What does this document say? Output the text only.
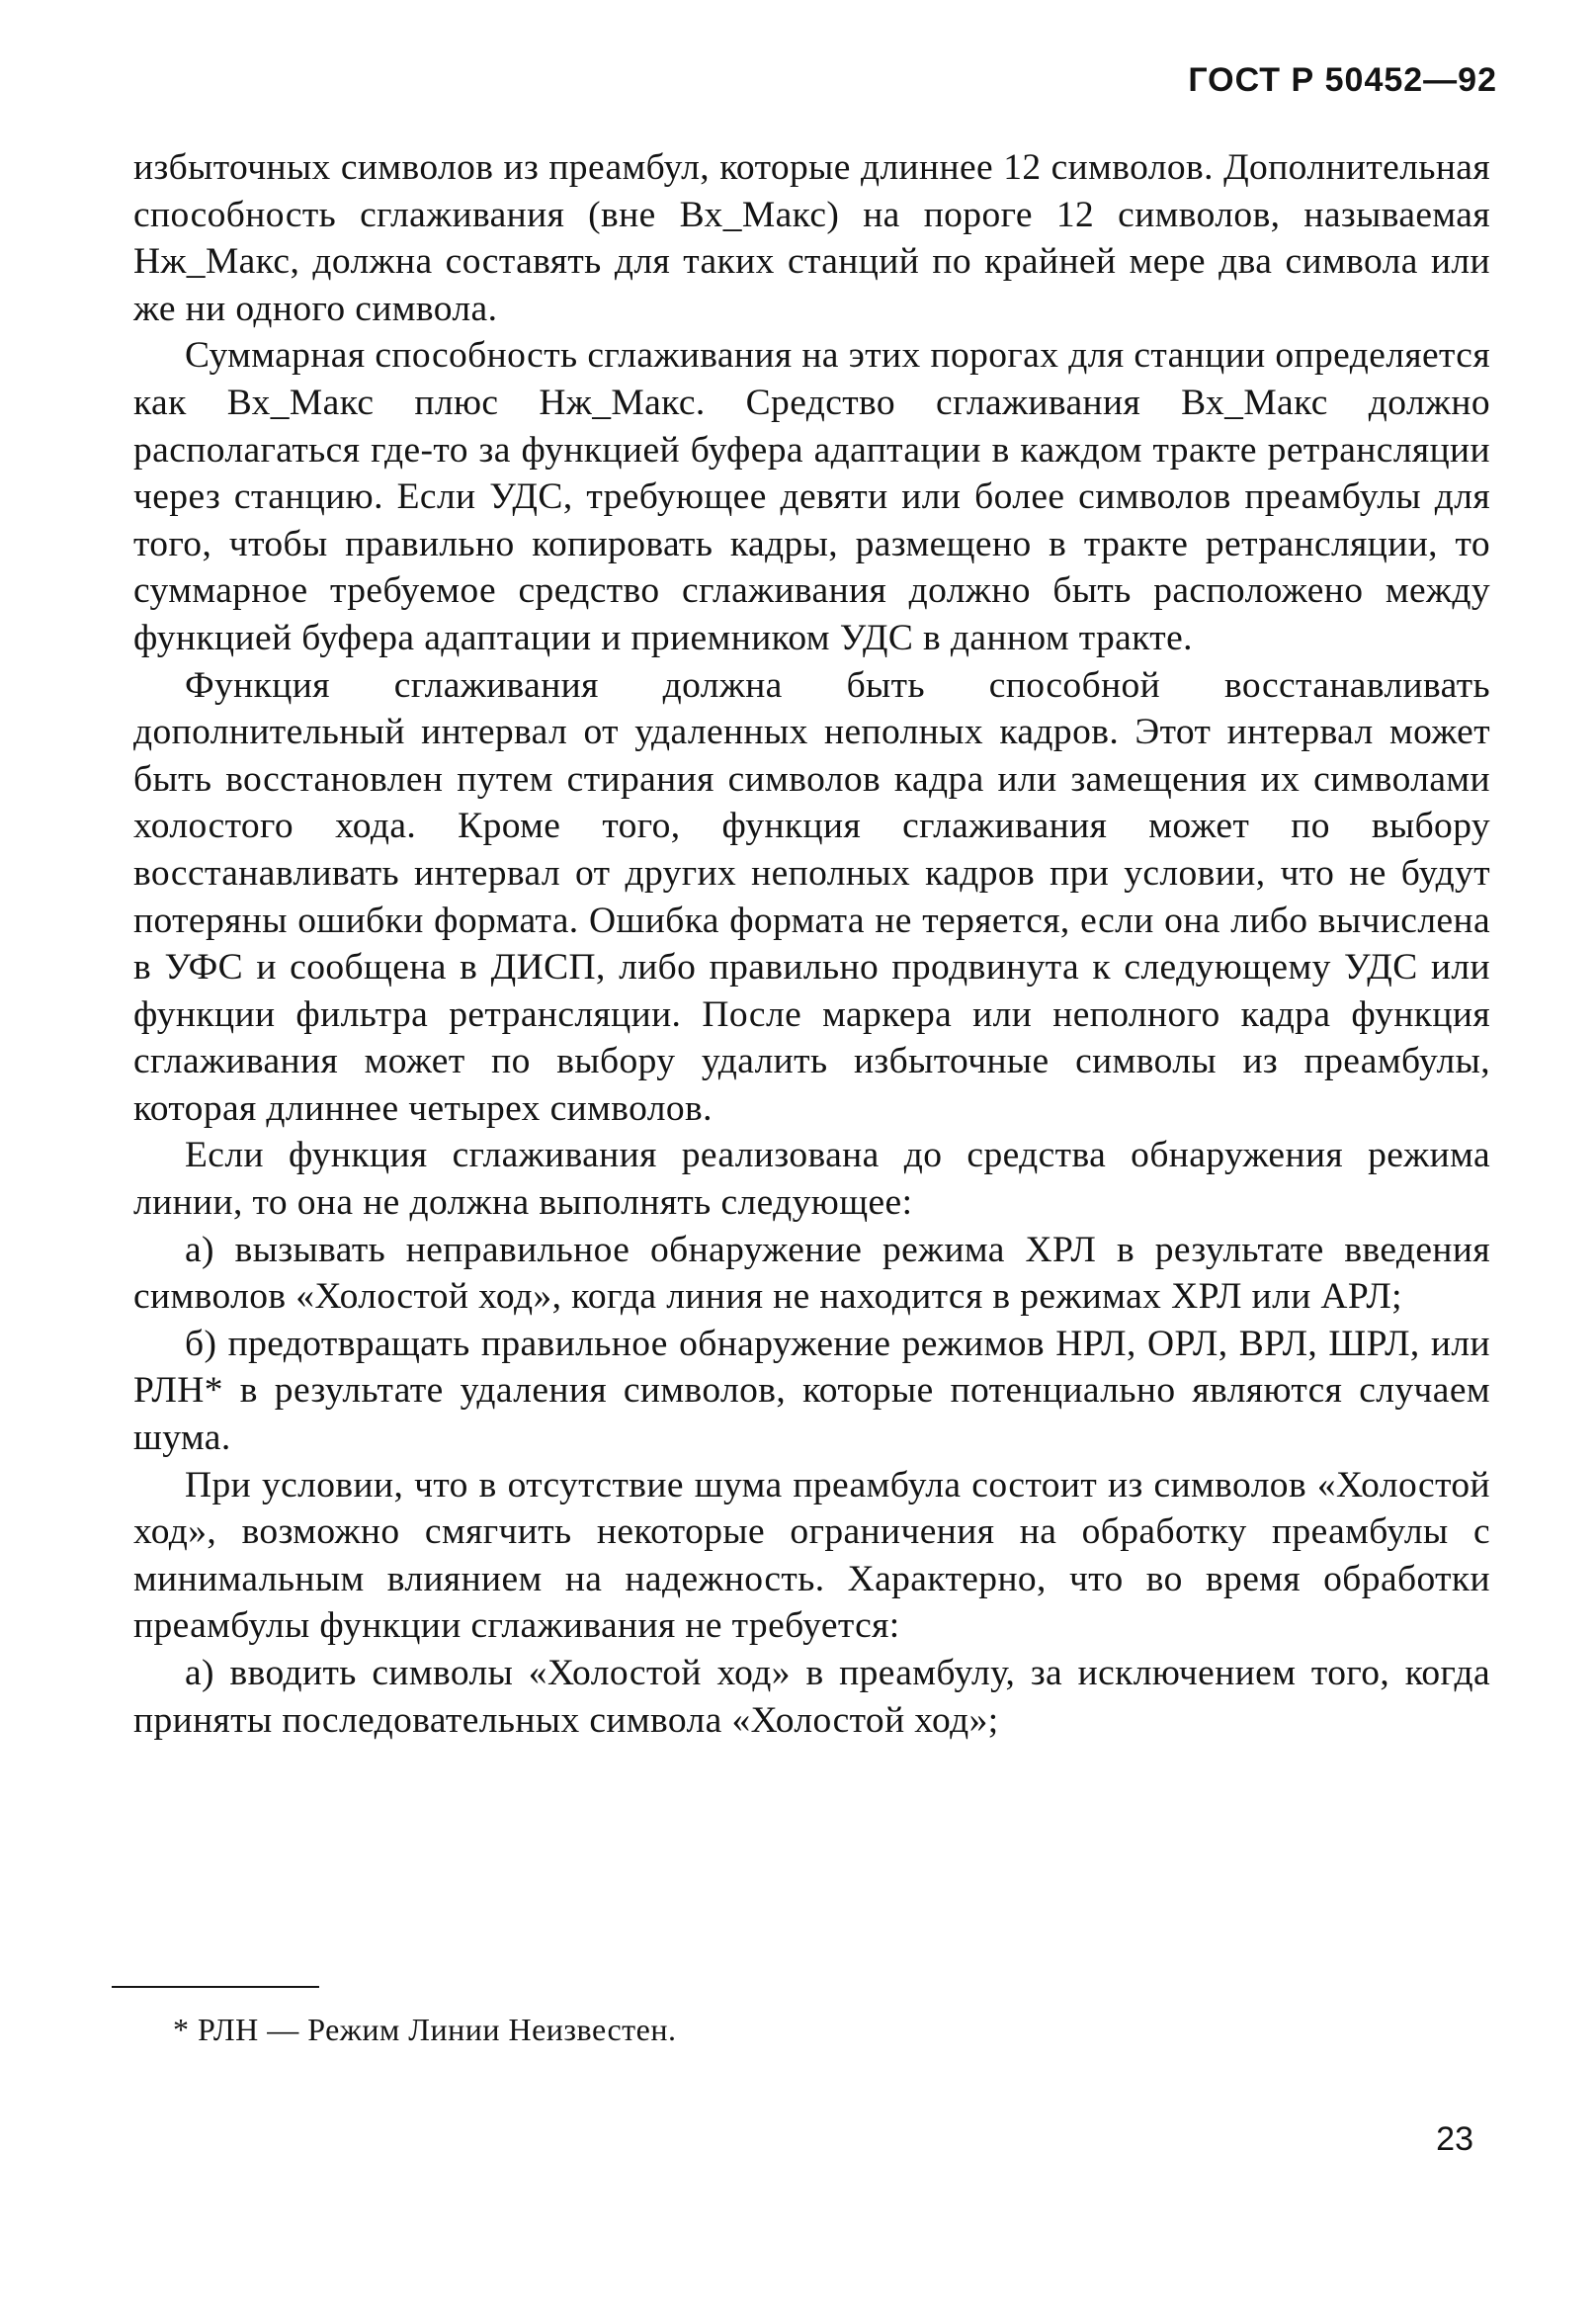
ГОСТ Р 50452—92

избыточных символов из преамбул, которые длиннее 12 символов. Дополнительная способность сглаживания (вне Вх_Макс) на пороге 12 символов, называемая Нж_Макс, должна составять для таких станций по крайней мере два символа или же ни одного символа.

Суммарная способность сглаживания на этих порогах для станции определяется как Вх_Макс плюс Нж_Макс. Средство сглаживания Вх_Макс должно располагаться где-то за функцией буфера адаптации в каждом тракте ретрансляции через станцию. Если УДС, требующее девяти или более символов преамбулы для того, чтобы правильно копировать кадры, размещено в тракте ретрансляции, то суммарное требуемое средство сглаживания должно быть расположено между функцией буфера адаптации и приемником УДС в данном тракте.

Функция сглаживания должна быть способной восстанавливать дополнительный интервал от удаленных неполных кадров. Этот интервал может быть восстановлен путем стирания символов кадра или замещения их символами холостого хода. Кроме того, функция сглаживания может по выбору восстанавливать интервал от других неполных кадров при условии, что не будут потеряны ошибки формата. Ошибка формата не теряется, если она либо вычислена в УФС и сообщена в ДИСП, либо правильно продвинута к следующему УДС или функции фильтра ретрансляции. После маркера или неполного кадра функция сглаживания может по выбору удалить избыточные символы из преамбулы, которая длиннее четырех символов.

Если функция сглаживания реализована до средства обнаружения режима линии, то она не должна выполнять следующее:

а) вызывать неправильное обнаружение режима ХРЛ в результате введения символов «Холостой ход», когда линия не находится в режимах ХРЛ или АРЛ;

б) предотвращать правильное обнаружение режимов НРЛ, ОРЛ, ВРЛ, ШРЛ, или РЛН* в результате удаления символов, которые потенциально являются случаем шума.

При условии, что в отсутствие шума преамбула состоит из символов «Холостой ход», возможно смягчить некоторые ограничения на обработку преамбулы с минимальным влиянием на надежность. Характерно, что во время обработки преамбулы функции сглаживания не требуется:

а) вводить символы «Холостой ход» в преамбулу, за исключением того, когда приняты последовательных символа «Холостой ход»;

* РЛН — Режим Линии Неизвестен.
23
